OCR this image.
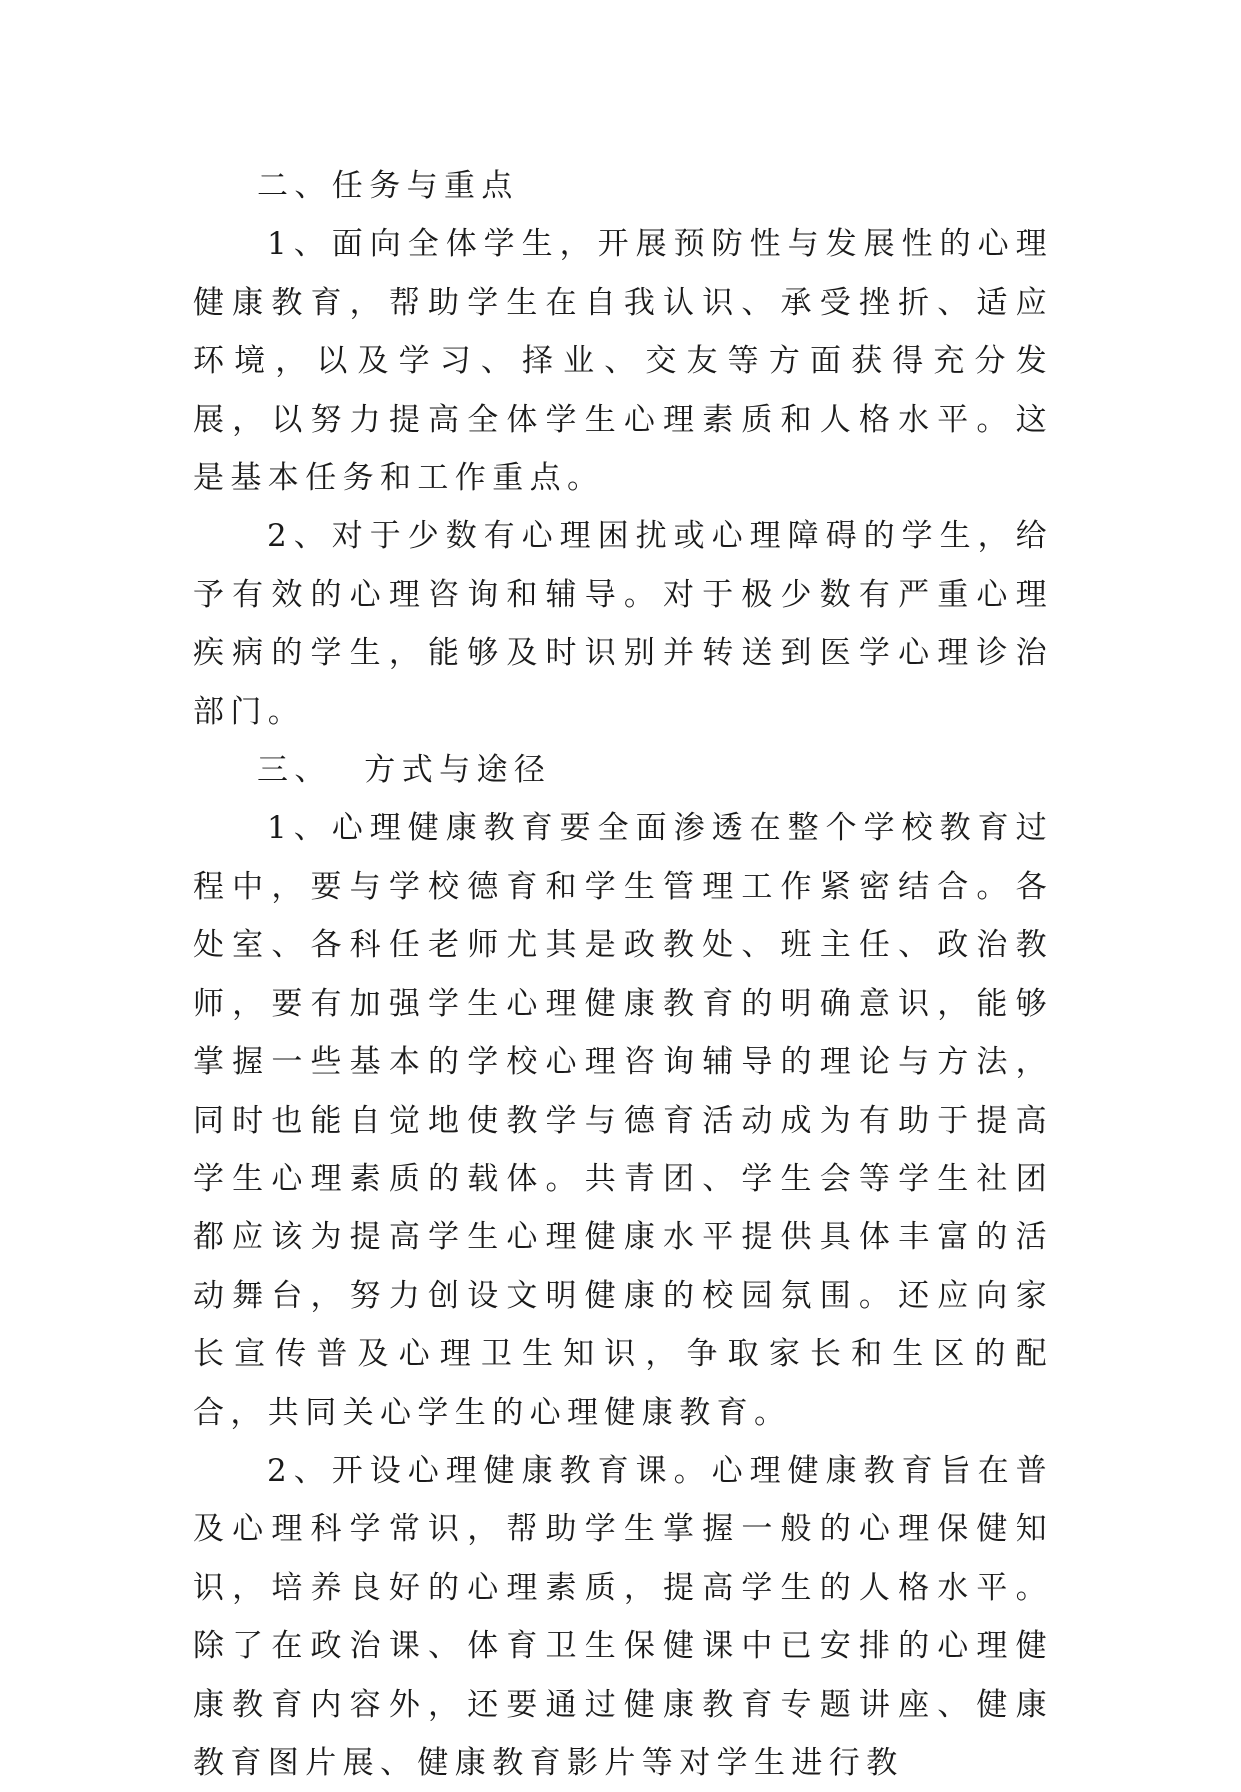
二、任务与重点

1、面向全体学生，开展预防性与发展性的心理健康教育，帮助学生在自我认识、承受挫折、适应环境，以及学习、择业、交友等方面获得充分发展，以努力提高全体学生心理素质和人格水平。这是基本任务和工作重点。

2、对于少数有心理困扰或心理障碍的学生，给予有效的心理咨询和辅导。对于极少数有严重心理疾病的学生，能够及时识别并转送到医学心理诊治部门。

三、  方式与途径

1、心理健康教育要全面渗透在整个学校教育过程中，要与学校德育和学生管理工作紧密结合。各处室、各科任老师尤其是政教处、班主任、政治教师，要有加强学生心理健康教育的明确意识，能够掌握一些基本的学校心理咨询辅导的理论与方法，同时也能自觉地使教学与德育活动成为有助于提高学生心理素质的载体。共青团、学生会等学生社团都应该为提高学生心理健康水平提供具体丰富的活动舞台，努力创设文明健康的校园氛围。还应向家长宣传普及心理卫生知识，争取家长和生区的配合，共同关心学生的心理健康教育。

2、开设心理健康教育课。心理健康教育旨在普及心理科学常识，帮助学生掌握一般的心理保健知识，培养良好的心理素质，提高学生的人格水平。除了在政治课、体育卫生保健课中已安排的心理健康教育内容外，还要通过健康教育专题讲座、健康教育图片展、健康教育影片等对学生进行教
